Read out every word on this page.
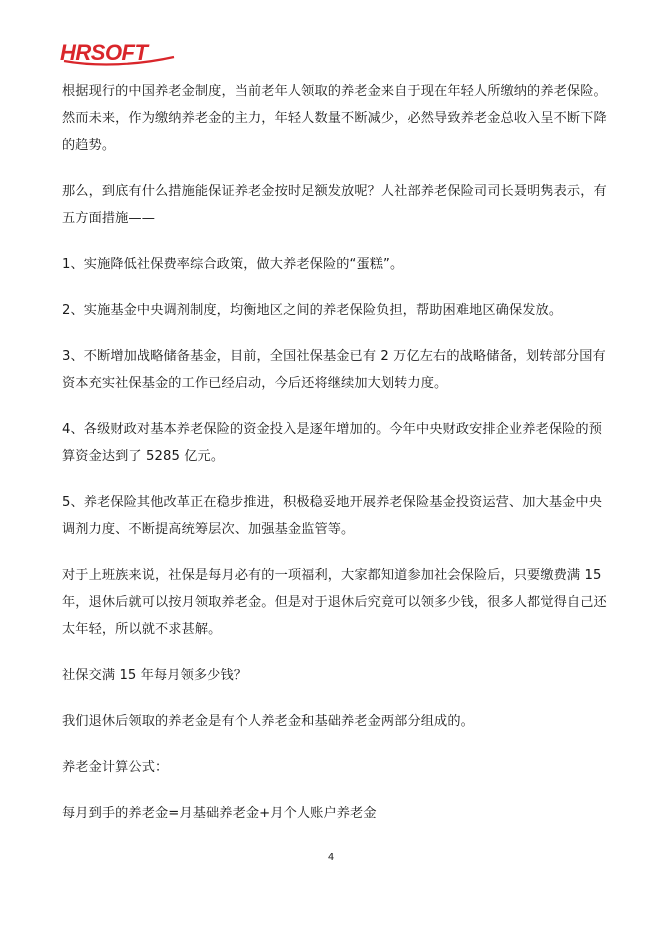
HRSOFT

根据现行的中国养老金制度，当前老年人领取的养老金来自于现在年轻人所缴纳的养老保险。然而未来，作为缴纳养老金的主力，年轻人数量不断减少，必然导致养老金总收入呈不断下降的趋势。

那么，到底有什么措施能保证养老金按时足额发放呢？人社部养老保险司司长聂明隽表示，有五方面措施——

1、实施降低社保费率综合政策，做大养老保险的“蛋糕”。

2、实施基金中央调剂制度，均衡地区之间的养老保险负担，帮助困难地区确保发放。

3、不断增加战略储备基金，目前，全国社保基金已有 2 万亿左右的战略储备，划转部分国有资本充实社保基金的工作已经启动，今后还将继续加大划转力度。

4、各级财政对基本养老保险的资金投入是逐年增加的。今年中央财政安排企业养老保险的预算资金达到了 5285 亿元。

5、养老保险其他改革正在稳步推进，积极稳妥地开展养老保险基金投资运营、加大基金中央调剂力度、不断提高统筹层次、加强基金监管等。

对于上班族来说，社保是每月必有的一项福利，大家都知道参加社会保险后，只要缴费满 15 年，退休后就可以按月领取养老金。但是对于退休后究竟可以领多少钱，很多人都觉得自己还太年轻，所以就不求甚解。

社保交满 15 年每月领多少钱？

我们退休后领取的养老金是有个人养老金和基础养老金两部分组成的。

养老金计算公式：

每月到手的养老金=月基础养老金+月个人账户养老金

4
